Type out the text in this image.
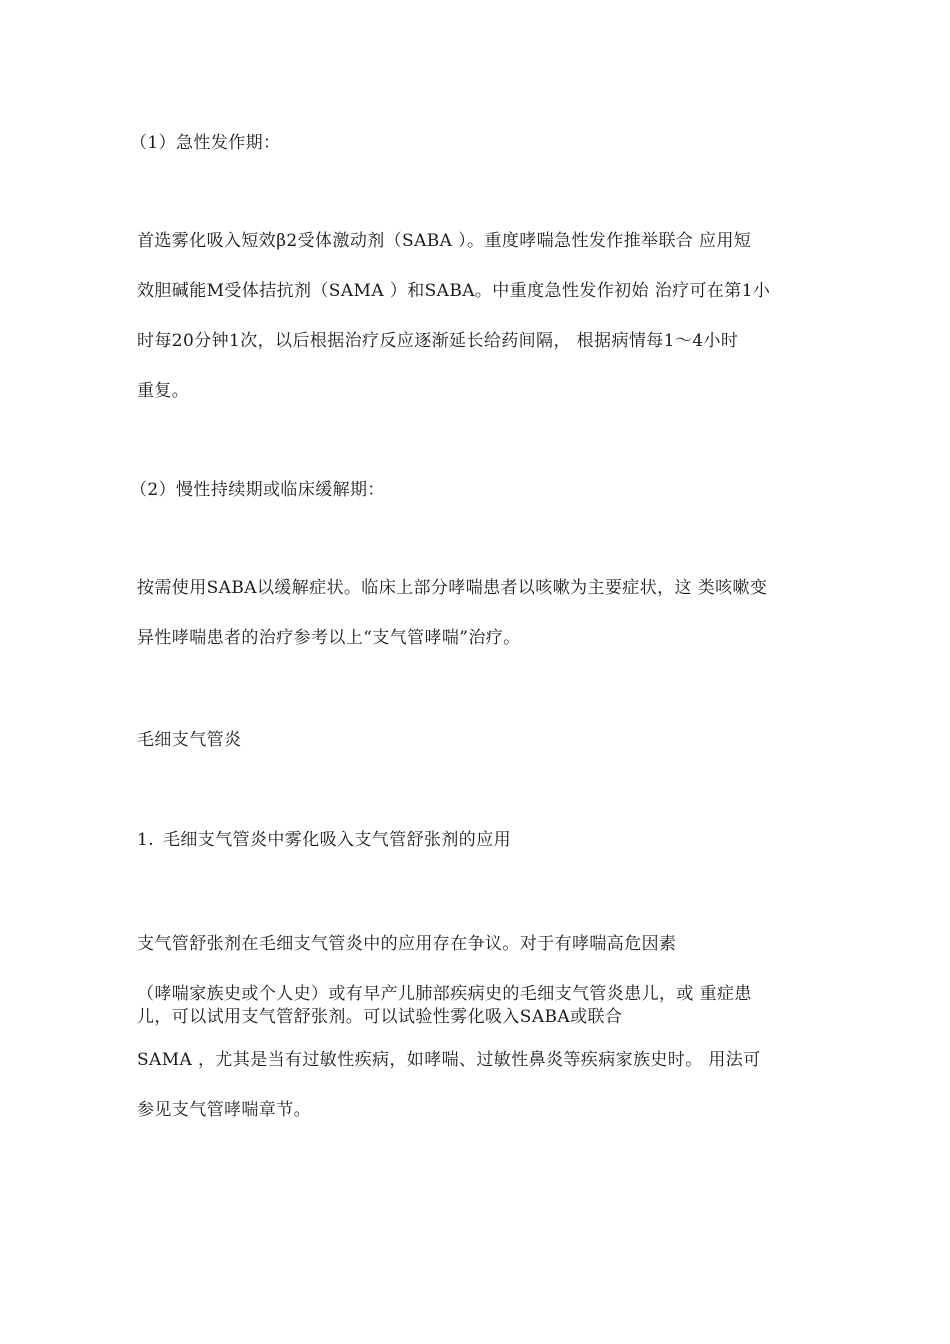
（1）急性发作期：
首选雾化吸入短效β2受体激动剂（SABA ）。重度哮喘急性发作推举联合 应用短
效胆碱能M受体拮抗剂（SAMA ）和SABA。中重度急性发作初始 治疗可在第1小
时每20分钟1次，以后根据治疗反应逐渐延长给药间隔， 根据病情每1〜4小时
重复。
（2）慢性持续期或临床缓解期：
按需使用SABA以缓解症状。临床上部分哮喘患者以咳嗽为主要症状，这 类咳嗽变
异性哮喘患者的治疗参考以上“支气管哮喘”治疗。
毛细支气管炎
1. 毛细支气管炎中雾化吸入支气管舒张剂的应用
支气管舒张剂在毛细支气管炎中的应用存在争议。对于有哮喘高危因素
（哮喘家族史或个人史）或有早产儿肺部疾病史的毛细支气管炎患儿，或 重症患
儿，可以试用支气管舒张剂。可以试验性雾化吸入SABA或联合
SAMA ，尤其是当有过敏性疾病，如哮喘、过敏性鼻炎等疾病家族史时。 用法可
参见支气管哮喘章节。
